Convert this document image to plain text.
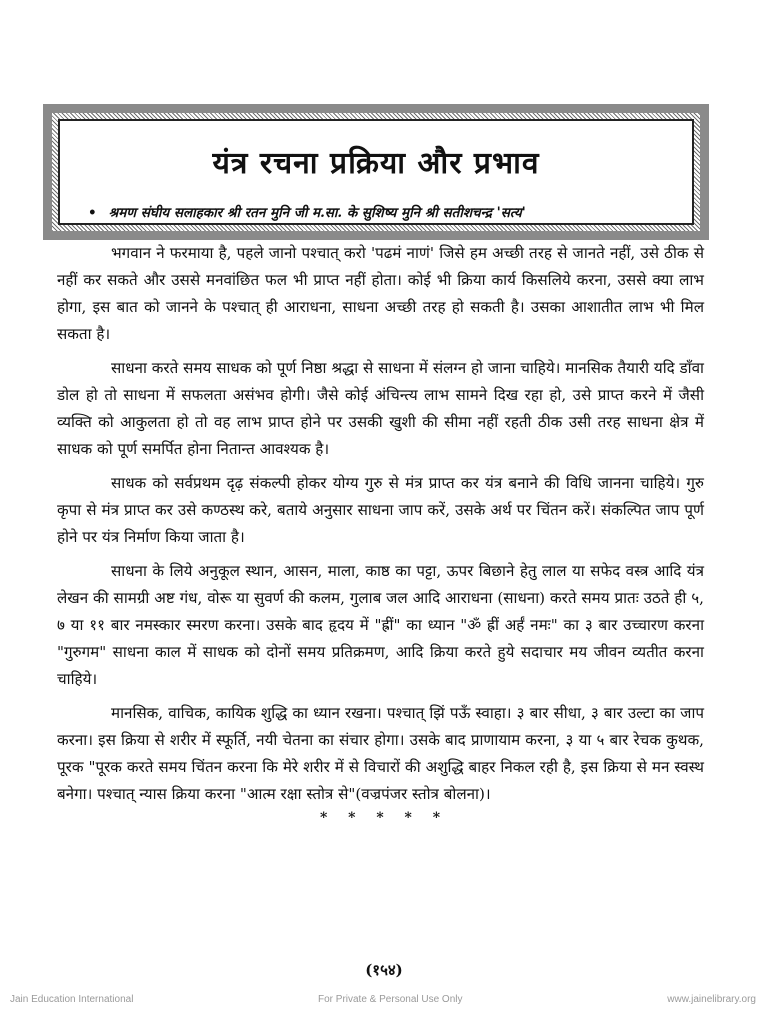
यंत्र रचना प्रक्रिया और प्रभाव
• श्रमण संघीय सलाहकार श्री रतन मुनि जी म.सा. के सुशिष्य मुनि श्री सतीशचन्द्र 'सत्य'

भगवान ने फरमाया है, पहले जानो पश्चात् करो 'पढमं नाणं' जिसे हम अच्छी तरह से जानते नहीं, उसे ठीक से नहीं कर सकते और उससे मनवांछित फल भी प्राप्त नहीं होता। कोई भी क्रिया कार्य किसलिये करना, उससे क्या लाभ होगा, इस बात को जानने के पश्चात् ही आराधना, साधना अच्छी तरह हो सकती है। उसका आशातीत लाभ भी मिल सकता है।

साधना करते समय साधक को पूर्ण निष्ठा श्रद्धा से साधना में संलग्न हो जाना चाहिये। मानसिक तैयारी यदि डाँवा डोल हो तो साधना में सफलता असंभव होगी। जैसे कोई अंचिन्त्य लाभ सामने दिख रहा हो, उसे प्राप्त करने में जैसी व्यक्ति को आकुलता हो तो वह लाभ प्राप्त होने पर उसकी खुशी की सीमा नहीं रहती ठीक उसी तरह साधना क्षेत्र में साधक को पूर्ण समर्पित होना नितान्त आवश्यक है।

साधक को सर्वप्रथम दृढ़ संकल्पी होकर योग्य गुरु से मंत्र प्राप्त कर यंत्र बनाने की विधि जानना चाहिये। गुरु कृपा से मंत्र प्राप्त कर उसे कण्ठस्थ करे, बताये अनुसार साधना जाप करें, उसके अर्थ पर चिंतन करें। संकल्पित जाप पूर्ण होने पर यंत्र निर्माण किया जाता है।

साधना के लिये अनुकूल स्थान, आसन, माला, काष्ठ का पट्टा, ऊपर बिछाने हेतु लाल या सफेद वस्त्र आदि यंत्र लेखन की सामग्री अष्ट गंध, वोरू या सुवर्ण की कलम, गुलाब जल आदि आराधना (साधना) करते समय प्रातः उठते ही ५, ७ या ११ बार नमस्कार स्मरण करना। उसके बाद हृदय में "ह्रीं" का ध्यान "ॐ ह्रीं अर्हं नमः" का ३ बार उच्चारण करना "गुरुगम" साधना काल में साधक को दोनों समय प्रतिक्रमण, आदि क्रिया करते हुये सदाचार मय जीवन व्यतीत करना चाहिये।

मानसिक, वाचिक, कायिक शुद्धि का ध्यान रखना। पश्चात् झिं पऊँ स्वाहा। ३ बार सीधा, ३ बार उल्टा का जाप करना। इस क्रिया से शरीर में स्फूर्ति, नयी चेतना का संचार होगा। उसके बाद प्राणायाम करना, ३ या ५ बार रेचक कुथक, पूरक "पूरक करते समय चिंतन करना कि मेरे शरीर में से विचारों की अशुद्धि बाहर निकल रही है, इस क्रिया से मन स्वस्थ बनेगा। पश्चात् न्यास क्रिया करना "आत्म रक्षा स्तोत्र से"(वज्रपंजर स्तोत्र बोलना)।

* * * * *
(१५४)
Jain Education International	For Private & Personal Use Only	www.jainelibrary.org
